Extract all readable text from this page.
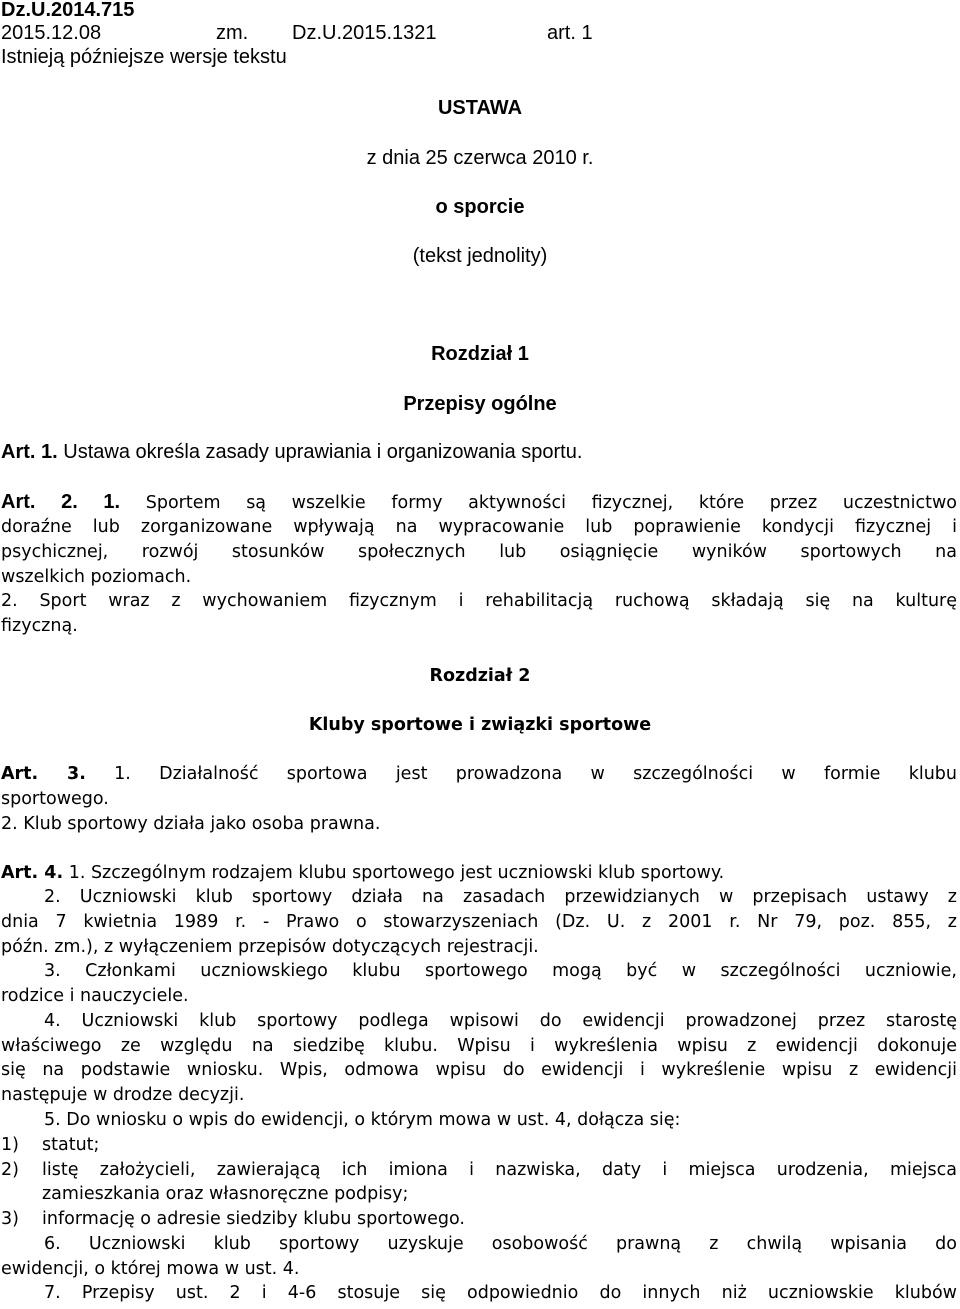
Dz.U.2014.715
2015.12.08	zm. Dz.U.2015.1321	art. 1
Istnieją późniejsze wersje tekstu
USTAWA
z dnia 25 czerwca 2010 r.
o sporcie
(tekst jednolity)
Rozdział 1
Przepisy ogólne
Art. 1. Ustawa określa zasady uprawiania i organizowania sportu.
Art. 2. 1. Sportem są wszelkie formy aktywności fizycznej, które przez uczestnictwo
doraźne lub zorganizowane wpływają na wypracowanie lub poprawienie kondycji fizycznej i
psychicznej, rozwój stosunków społecznych lub osiągnięcie wyników sportowych na
wszelkich poziomach.
2. Sport wraz z wychowaniem fizycznym i rehabilitacją ruchową składają się na kulturę
fizyczną.
Rozdział 2
Kluby sportowe i związki sportowe
Art. 3. 1. Działalność sportowa jest prowadzona w szczególności w formie klubu
sportowego.
2. Klub sportowy działa jako osoba prawna.
Art. 4. 1. Szczególnym rodzajem klubu sportowego jest uczniowski klub sportowy.
2. Uczniowski klub sportowy działa na zasadach przewidzianych w przepisach ustawy z
dnia 7 kwietnia 1989 r. - Prawo o stowarzyszeniach (Dz. U. z 2001 r. Nr 79, poz. 855, z
późn. zm.), z wyłączeniem przepisów dotyczących rejestracji.
3. Członkami uczniowskiego klubu sportowego mogą być w szczególności uczniowie,
rodzice i nauczyciele.
4. Uczniowski klub sportowy podlega wpisowi do ewidencji prowadzonej przez starostę
właściwego ze względu na siedzibę klubu. Wpisu i wykreślenia wpisu z ewidencji dokonuje
się na podstawie wniosku. Wpis, odmowa wpisu do ewidencji i wykreślenie wpisu z ewidencji
następuje w drodze decyzji.
5. Do wniosku o wpis do ewidencji, o którym mowa w ust. 4, dołącza się:
1) statut;
2) listę założycieli, zawierającą ich imiona i nazwiska, daty i miejsca urodzenia, miejsca
zamieszkania oraz własnoręczne podpisy;
3) informację o adresie siedziby klubu sportowego.
6. Uczniowski klub sportowy uzyskuje osobowość prawną z chwilą wpisania do
ewidencji, o której mowa w ust. 4.
7. Przepisy ust. 2 i 4-6 stosuje się odpowiednio do innych niż uczniowskie klubów
